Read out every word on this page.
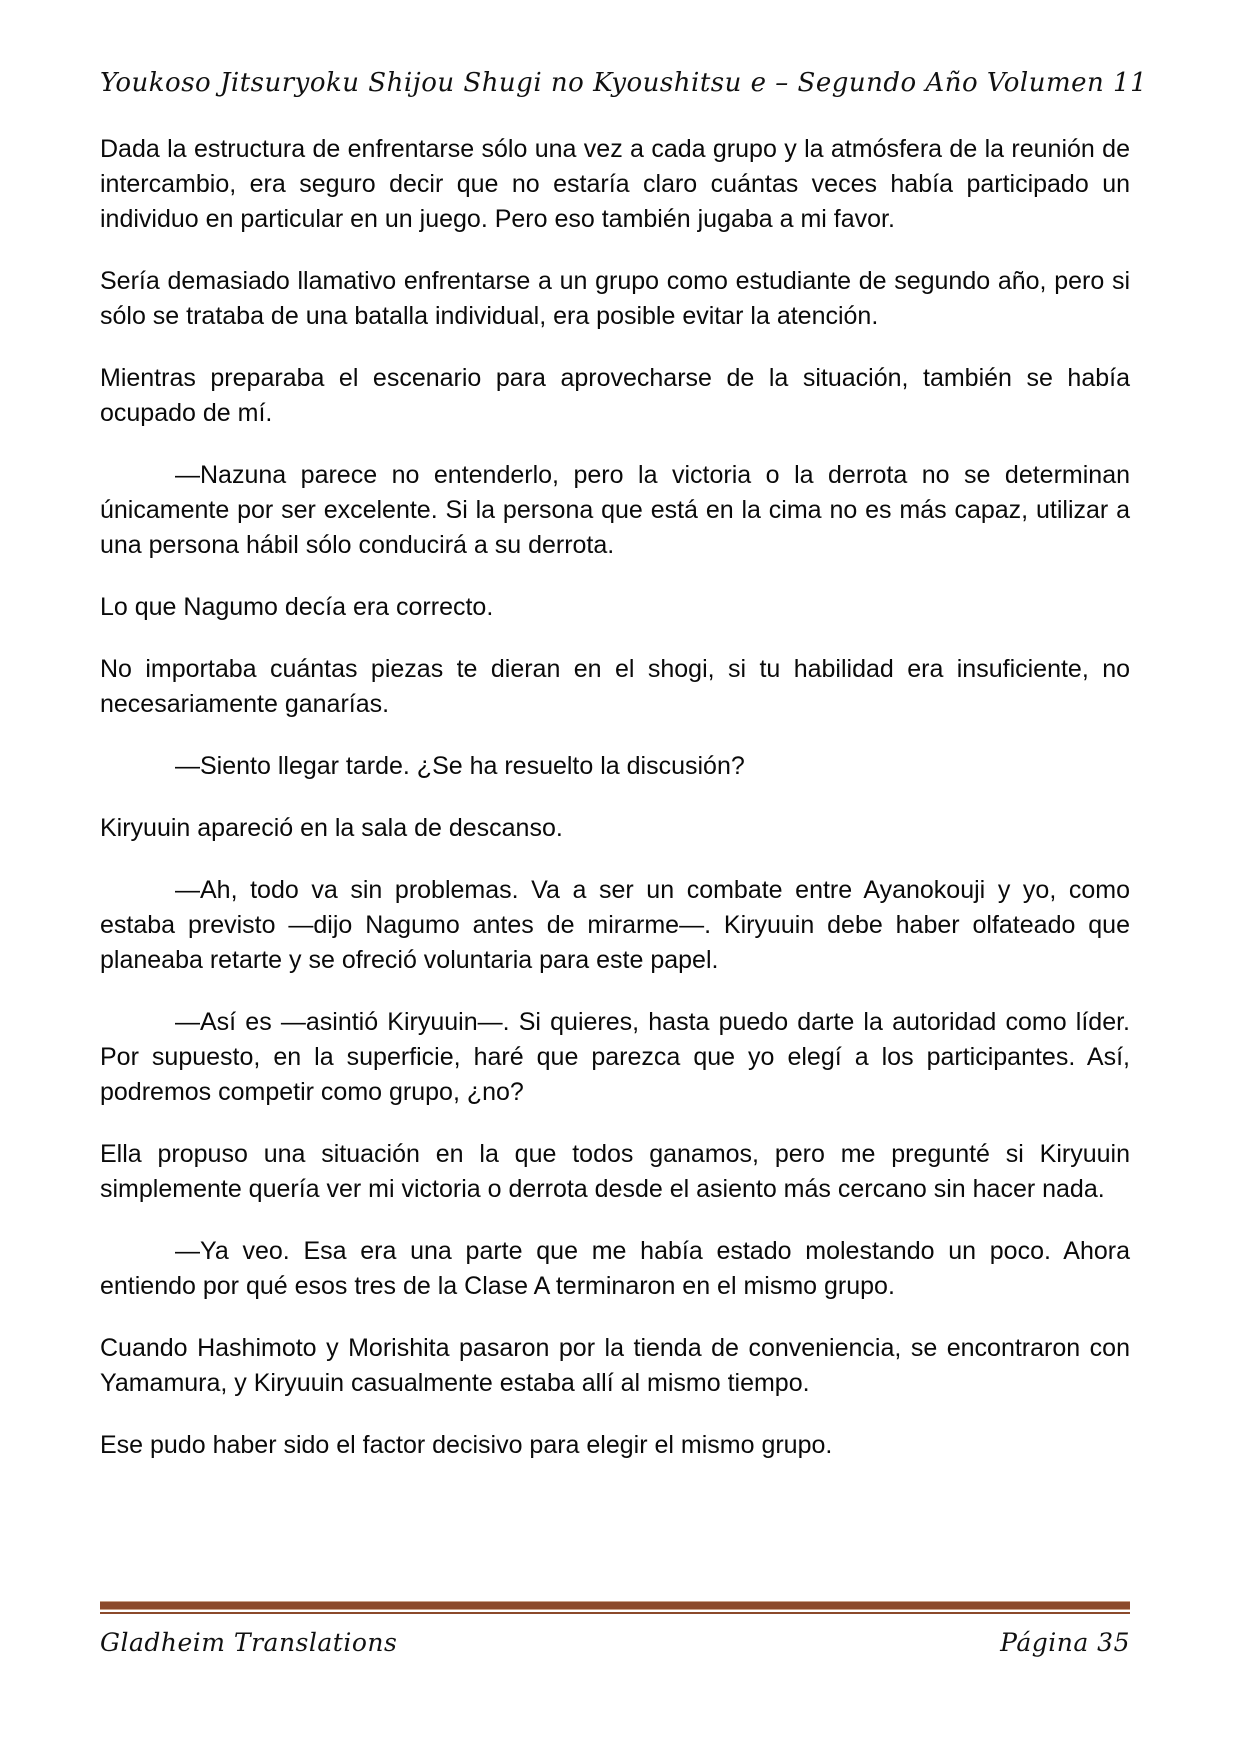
Youkoso Jitsuryoku Shijou Shugi no Kyoushitsu e – Segundo Año Volumen 11

Dada la estructura de enfrentarse sólo una vez a cada grupo y la atmósfera de la reunión de intercambio, era seguro decir que no estaría claro cuántas veces había participado un individuo en particular en un juego. Pero eso también jugaba a mi favor.

Sería demasiado llamativo enfrentarse a un grupo como estudiante de segundo año, pero si sólo se trataba de una batalla individual, era posible evitar la atención.

Mientras preparaba el escenario para aprovecharse de la situación, también se había ocupado de mí.

—Nazuna parece no entenderlo, pero la victoria o la derrota no se determinan únicamente por ser excelente. Si la persona que está en la cima no es más capaz, utilizar a una persona hábil sólo conducirá a su derrota.

Lo que Nagumo decía era correcto.

No importaba cuántas piezas te dieran en el shogi, si tu habilidad era insuficiente, no necesariamente ganarías.

—Siento llegar tarde. ¿Se ha resuelto la discusión?

Kiryuuin apareció en la sala de descanso.

—Ah, todo va sin problemas. Va a ser un combate entre Ayanokouji y yo, como estaba previsto —dijo Nagumo antes de mirarme—. Kiryuuin debe haber olfateado que planeaba retarte y se ofreció voluntaria para este papel.

—Así es —asintió Kiryuuin—. Si quieres, hasta puedo darte la autoridad como líder. Por supuesto, en la superficie, haré que parezca que yo elegí a los participantes. Así, podremos competir como grupo, ¿no?

Ella propuso una situación en la que todos ganamos, pero me pregunté si Kiryuuin simplemente quería ver mi victoria o derrota desde el asiento más cercano sin hacer nada.

—Ya veo. Esa era una parte que me había estado molestando un poco. Ahora entiendo por qué esos tres de la Clase A terminaron en el mismo grupo.

Cuando Hashimoto y Morishita pasaron por la tienda de conveniencia, se encontraron con Yamamura, y Kiryuuin casualmente estaba allí al mismo tiempo.

Ese pudo haber sido el factor decisivo para elegir el mismo grupo.

Gladheim Translations	Página 35
